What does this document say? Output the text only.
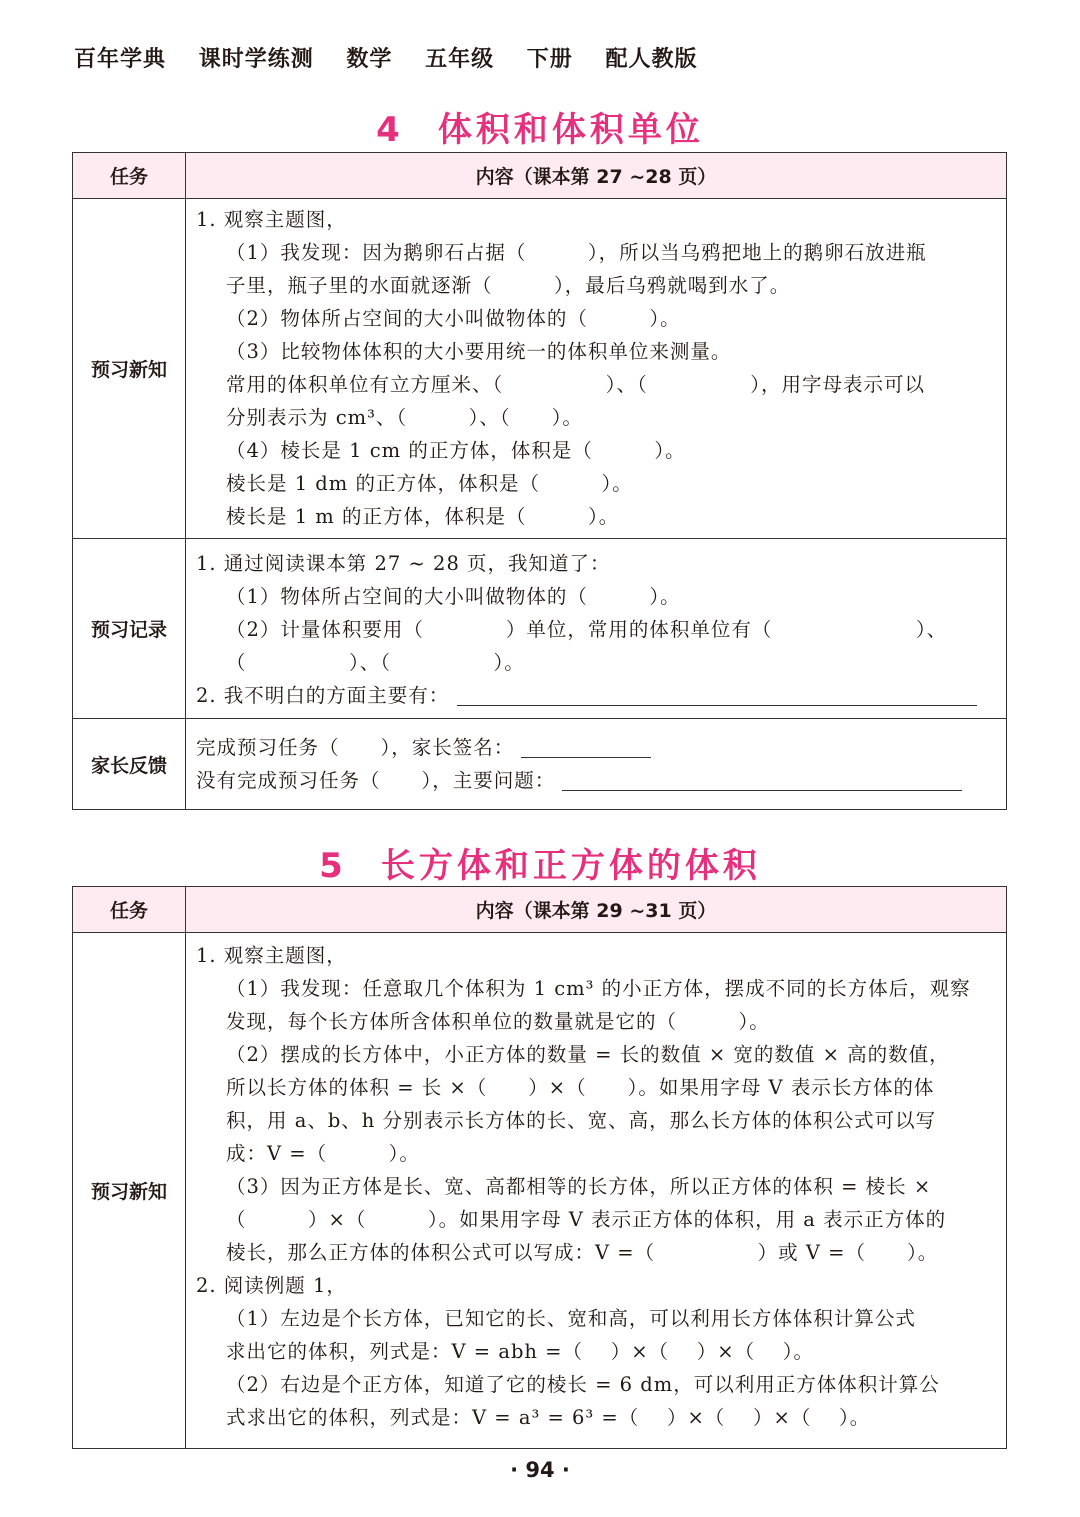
百年学典 课时学练测 数学 五年级 下册 配人教版
4 体积和体积单位
任务	内容（课本第 27 ~28 页）
预习新知
1. 观察主题图，
（1）我发现：因为鹅卵石占据（　　　），所以当乌鸦把地上的鹅卵石放进瓶
子里，瓶子里的水面就逐渐（　　　），最后乌鸦就喝到水了。
（2）物体所占空间的大小叫做物体的（　　　）。
（3）比较物体体积的大小要用统一的体积单位来测量。
常用的体积单位有立方厘米、（　　　　　）、（　　　　　），用字母表示可以
分别表示为 cm³、（　　　）、（　　）。
（4）棱长是 1 cm 的正方体，体积是（　　　）。
棱长是 1 dm 的正方体，体积是（　　　）。
棱长是 1 m 的正方体，体积是（　　　）。
预习记录
1. 通过阅读课本第 27 ~ 28 页，我知道了：
（1）物体所占空间的大小叫做物体的（　　　）。
（2）计量体积要用（　　　　）单位，常用的体积单位有（　　　　　　　）、
（　　　　　）、（　　　　　）。
2. 我不明白的方面主要有：
家长反馈
完成预习任务（　　），家长签名：
没有完成预习任务（　　），主要问题：
5 长方体和正方体的体积
任务	内容（课本第 29 ~31 页）
预习新知
1. 观察主题图，
（1）我发现：任意取几个体积为 1 cm³ 的小正方体，摆成不同的长方体后，观察
发现，每个长方体所含体积单位的数量就是它的（　　　）。
（2）摆成的长方体中，小正方体的数量 = 长的数值 × 宽的数值 × 高的数值，
所以长方体的体积 = 长 ×（　　）×（　　）。如果用字母 V 表示长方体的体
积，用 a、b、h 分别表示长方体的长、宽、高，那么长方体的体积公式可以写
成：V =（　　　）。
（3）因为正方体是长、宽、高都相等的长方体，所以正方体的体积 = 棱长 ×
（　　　）×（　　　）。如果用字母 V 表示正方体的体积，用 a 表示正方体的
棱长，那么正方体的体积公式可以写成：V =（　　　　　）或 V =（　　）。
2. 阅读例题 1，
（1）左边是个长方体，已知它的长、宽和高，可以利用长方体体积计算公式
求出它的体积，列式是：V = abh =（　 ）×（　 ）×（　 ）。
（2）右边是个正方体，知道了它的棱长 = 6 dm，可以利用正方体体积计算公
式求出它的体积，列式是：V = a³ = 6³ =（　 ）×（　 ）×（　 ）。
· 94 ·
